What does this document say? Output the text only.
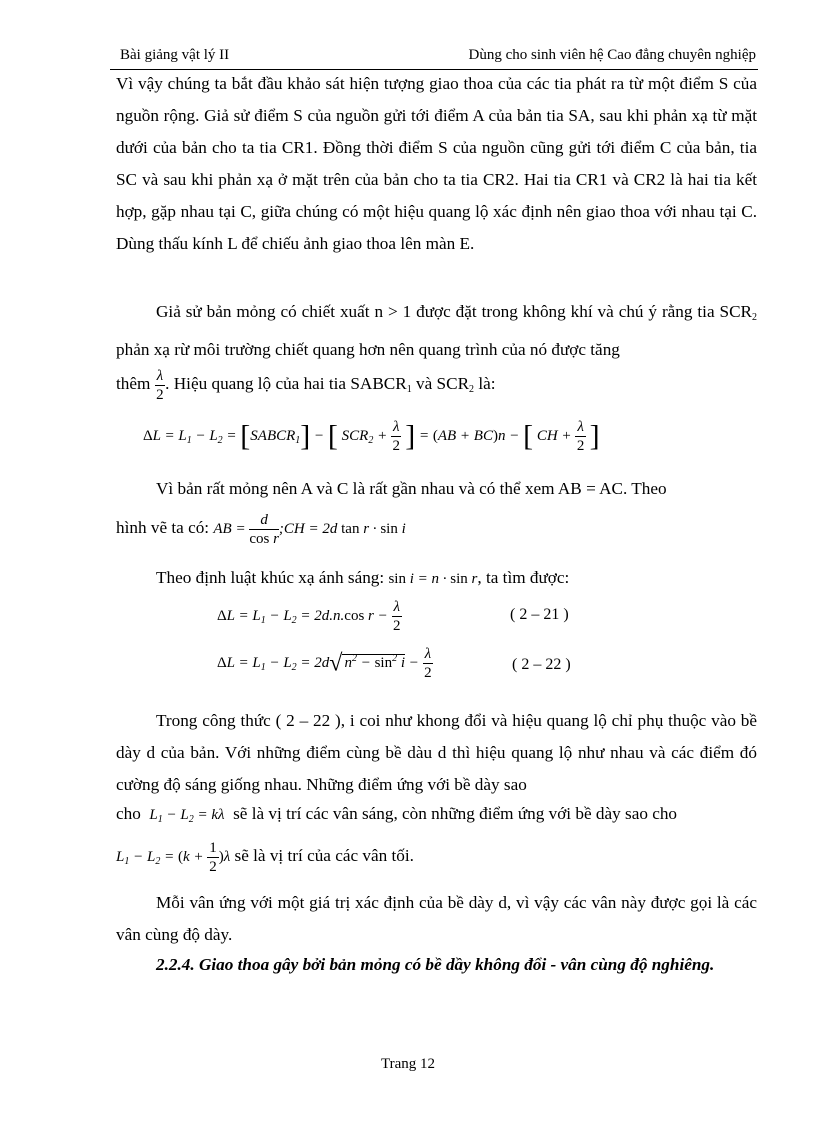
Bài giảng vật lý II	Dùng cho sinh viên hệ Cao đẳng chuyên nghiệp

Vì vậy chúng ta bắt đầu khảo sát hiện tượng giao thoa của các tia phát ra từ một điểm S của nguồn rộng. Giả sử điểm S của nguồn gửi tới điểm A của bản tia SA, sau khi phản xạ từ mặt dưới của bản cho ta tia CR1. Đồng thời điểm S của nguồn cũng gửi tới điểm C của bản, tia SC và sau khi phản xạ ở mặt trên của bản cho ta tia CR2. Hai tia CR1 và CR2 là hai tia kết hợp, gặp nhau tại C, giữa chúng có một hiệu quang lộ xác định nên giao thoa với nhau tại C. Dùng thấu kính L để chiếu ảnh giao thoa lên màn E.

Giả sử bản mỏng có chiết xuất n > 1 được đặt trong không khí và chú ý rằng tia $SCR_2$ phản xạ rừ môi trường chiết quang hơn nên quang trình của nó được tăng

thêm $\frac{\lambda}{2}$ . Hiệu quang lộ của hai tia $SABCR_1$ và $SCR_2$ là:
$\Delta L = L_1 - L_2$ = $[SABCR_1]$ − [ $SCR_2 + \frac{\lambda}{2}$ ] = (AB + BC)n − [ CH + $\frac{\lambda}{2}$ ]

Vì bản rất mỏng nên A và C là rất gần nhau và có thể xem AB = AC. Theo

hình vẽ ta có: AB = $\frac{d}{\text{cos r}}$ ;CH = 2d tan r · sin i

Theo định luật khúc xạ ánh sáng: sin i = n · sin r, ta tìm được:

$\Delta L = L_1 - L_2 = 2d.n.\cos$ $r - \frac{\lambda}{2}$	( 2 – 21 )
$\Delta L = L_1 - L_2 = 2d√$ $n^2 - \sin^2 i - \frac{\lambda}{2}$	( 2 – 22 )

Trong công thức ( 2 – 22 ), i coi như khong đổi và hiệu quang lộ chỉ phụ thuộc vào bề dày d của bản. Với những điểm cùng bề dàu d thì hiệu quang lộ như nhau và các điểm đó cường độ sáng giống nhau. Những điểm ứng với bề dày sao

cho $L_1 - L_2 = k\lambda$ sẽ là vị trí các vân sáng, còn những điểm ứng với bề dày sao cho
$L_1 - L_2 = (k + \frac{1}{2} )\lambda$ sẽ là vị trí của các vân tối.

Mỗi vân ứng với một giá trị xác định của bề dày d, vì vậy các vân này được gọi là các vân cùng độ dày.

2.2.4. Giao thoa gây bởi bản mỏng có bề dầy không đổi - vân cùng độ nghiêng.
Trang 12
